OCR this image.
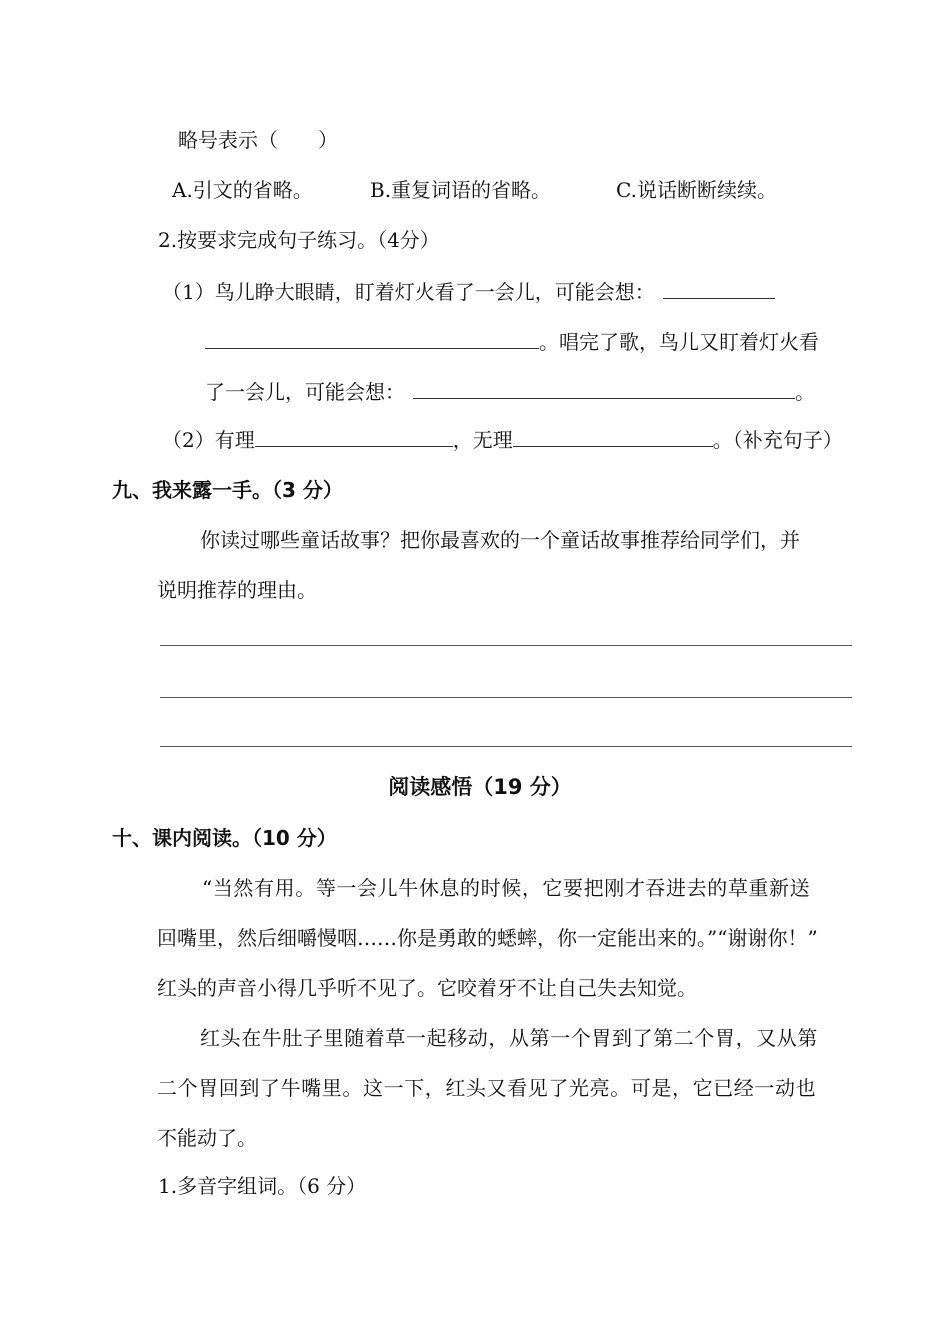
略号表示（　　）
A.引文的省略。	B.重复词语的省略。	C.说话断断续续。
2.按要求完成句子练习。（4分）
（1）鸟儿睁大眼睛，盯着灯火看了一会儿，可能会想：
。唱完了歌，鸟儿又盯着灯火看
了一会儿，可能会想：	。
（2）有理	，无理	。（补充句子）
九、我来露一手。（3 分）
你读过哪些童话故事？把你最喜欢的一个童话故事推荐给同学们，并
说明推荐的理由。
阅读感悟（19 分）
十、课内阅读。（10 分）
“当然有用。等一会儿牛休息的时候，它要把刚才吞进去的草重新送
回嘴里，然后细嚼慢咽……你是勇敢的蟋蟀，你一定能出来的。”“谢谢你！”
红头的声音小得几乎听不见了。它咬着牙不让自己失去知觉。
红头在牛肚子里随着草一起移动，从第一个胃到了第二个胃，又从第
二个胃回到了牛嘴里。这一下，红头又看见了光亮。可是，它已经一动也
不能动了。
1.多音字组词。（6 分）
